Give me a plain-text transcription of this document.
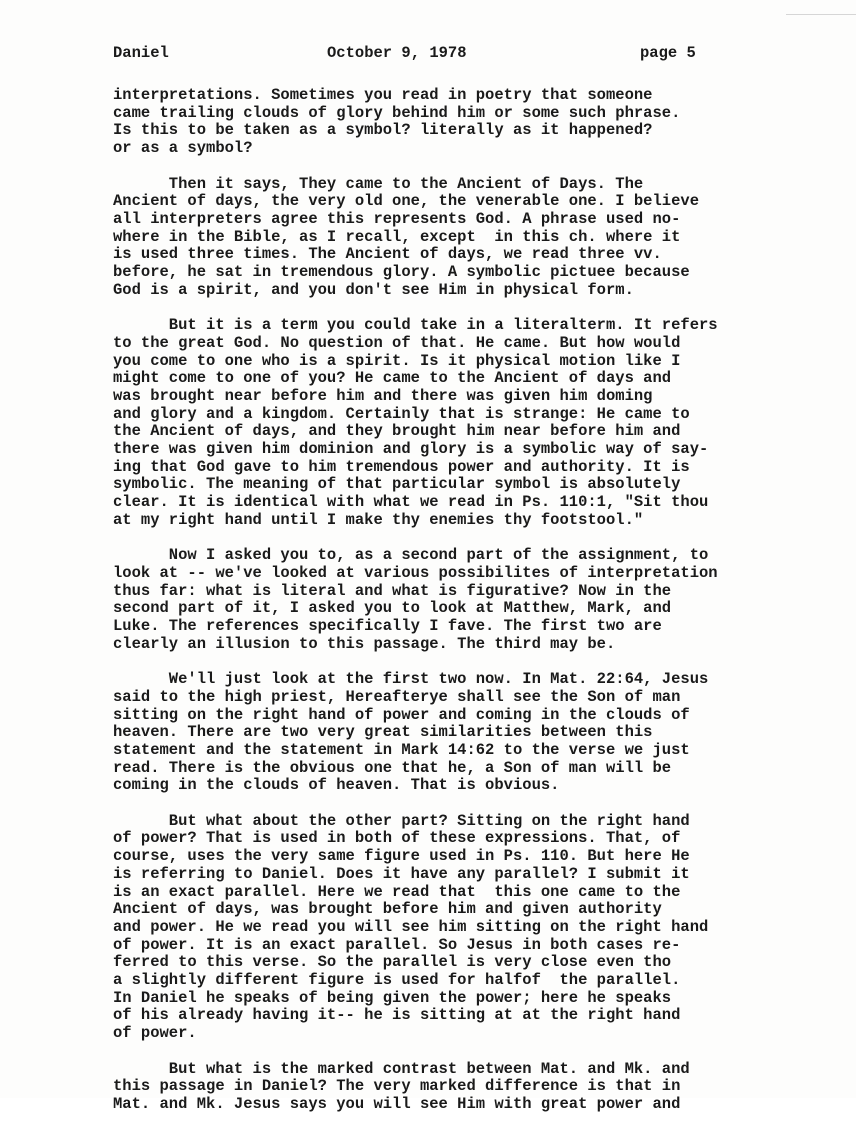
Daniel	October 9, 1978	page 5
interpretations. Sometimes you read in poetry that someone
came trailing clouds of glory behind him or some such phrase.
Is this to be taken as a symbol? literally as it happened?
or as a symbol?
Then it says, They came to the Ancient of Days. The
Ancient of days, the very old one, the venerable one. I believe
all interpreters agree this represents God. A phrase used no-
where in the Bible, as I recall, except  in this ch. where it
is used three times. The Ancient of days, we read three vv.
before, he sat in tremendous glory. A symbolic pictuee because
God is a spirit, and you don't see Him in physical form.
But it is a term you could take in a literalterm. It refers
to the great God. No question of that. He came. But how would
you come to one who is a spirit. Is it physical motion like I
might come to one of you? He came to the Ancient of days and
was brought near before him and there was given him doming
and glory and a kingdom. Certainly that is strange: He came to
the Ancient of days, and they brought him near before him and
there was given him dominion and glory is a symbolic way of say-
ing that God gave to him tremendous power and authority. It is
symbolic. The meaning of that particular symbol is absolutely
clear. It is identical with what we read in Ps. 110:1, "Sit thou
at my right hand until I make thy enemies thy footstool."
Now I asked you to, as a second part of the assignment, to
look at -- we've looked at various possibilites of interpretation
thus far: what is literal and what is figurative? Now in the
second part of it, I asked you to look at Matthew, Mark, and
Luke. The references specifically I fave. The first two are
clearly an illusion to this passage. The third may be.
We'll just look at the first two now. In Mat. 22:64, Jesus
said to the high priest, Hereafterye shall see the Son of man
sitting on the right hand of power and coming in the clouds of
heaven. There are two very great similarities between this
statement and the statement in Mark 14:62 to the verse we just
read. There is the obvious one that he, a Son of man will be
coming in the clouds of heaven. That is obvious.
But what about the other part? Sitting on the right hand
of power? That is used in both of these expressions. That, of
course, uses the very same figure used in Ps. 110. But here He
is referring to Daniel. Does it have any parallel? I submit it
is an exact parallel. Here we read that  this one came to the
Ancient of days, was brought before him and given authority
and power. He we read you will see him sitting on the right hand
of power. It is an exact parallel. So Jesus in both cases re-
ferred to this verse. So the parallel is very close even tho
a slightly different figure is used for halfof  the parallel.
In Daniel he speaks of being given the power; here he speaks
of his already having it-- he is sitting at at the right hand
of power.
But what is the marked contrast between Mat. and Mk. and
this passage in Daniel? The very marked difference is that in
Mat. and Mk. Jesus says you will see Him with great power and
